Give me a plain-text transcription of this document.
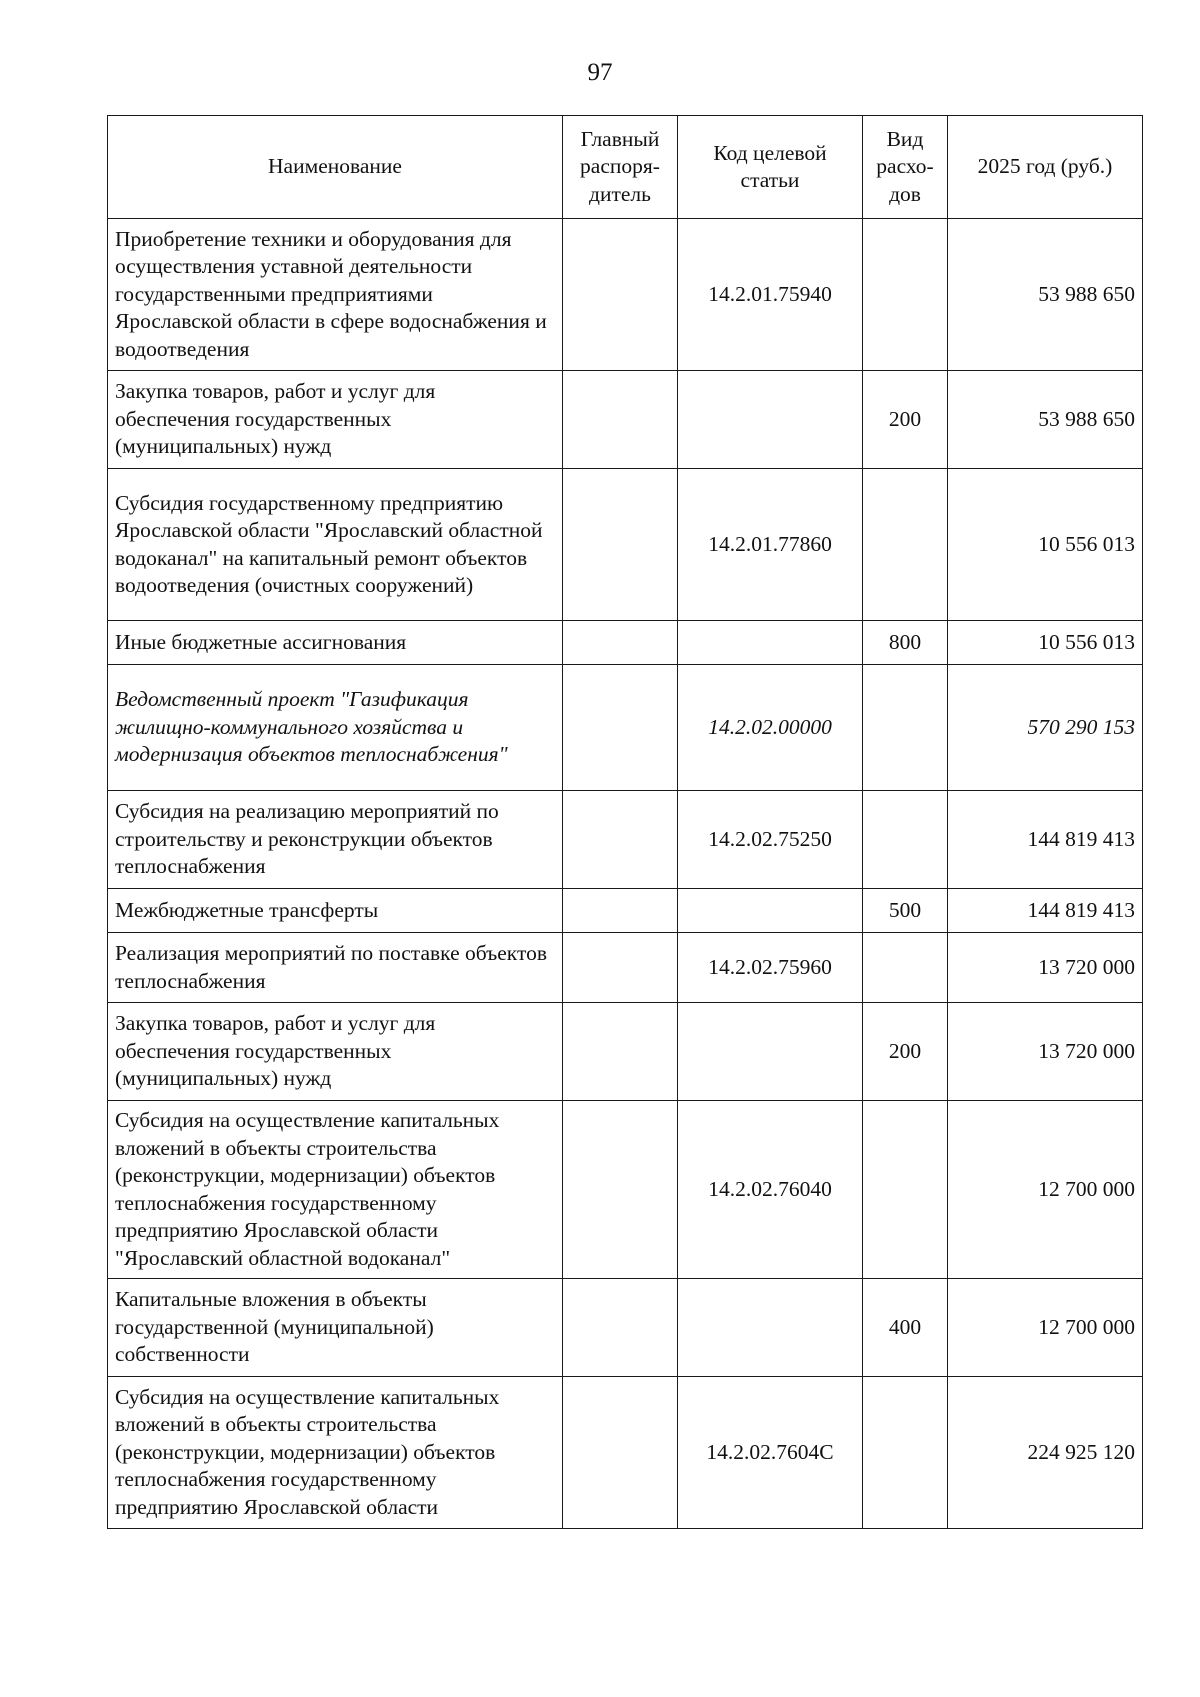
97
Наименование	Главный распоря-дитель	Код целевой статьи	Вид расхо-дов	2025 год (руб.)
Приобретение техники и оборудования для осуществления уставной деятельности государственными предприятиями Ярославской области в сфере водоснабжения и водоотведения		14.2.01.75940		53 988 650
Закупка товаров, работ и услуг для обеспечения государственных (муниципальных) нужд			200	53 988 650
Субсидия государственному предприятию Ярославской области "Ярославский областной водоканал" на капитальный ремонт объектов водоотведения (очистных сооружений)		14.2.01.77860		10 556 013
Иные бюджетные ассигнования			800	10 556 013
Ведомственный проект "Газификация жилищно-коммунального хозяйства и модернизация объектов теплоснабжения"		14.2.02.00000		570 290 153
Субсидия на реализацию мероприятий по строительству и реконструкции объектов теплоснабжения		14.2.02.75250		144 819 413
Межбюджетные трансферты			500	144 819 413
Реализация мероприятий по поставке объектов теплоснабжения		14.2.02.75960		13 720 000
Закупка товаров, работ и услуг для обеспечения государственных (муниципальных) нужд			200	13 720 000
Субсидия на осуществление капитальных вложений в объекты строительства (реконструкции, модернизации) объектов теплоснабжения государственному предприятию Ярославской области "Ярославский областной водоканал"		14.2.02.76040		12 700 000
Капитальные вложения в объекты государственной (муниципальной) собственности			400	12 700 000
Субсидия на осуществление капитальных вложений в объекты строительства (реконструкции, модернизации) объектов теплоснабжения государственному предприятию Ярославской области		14.2.02.7604С		224 925 120
